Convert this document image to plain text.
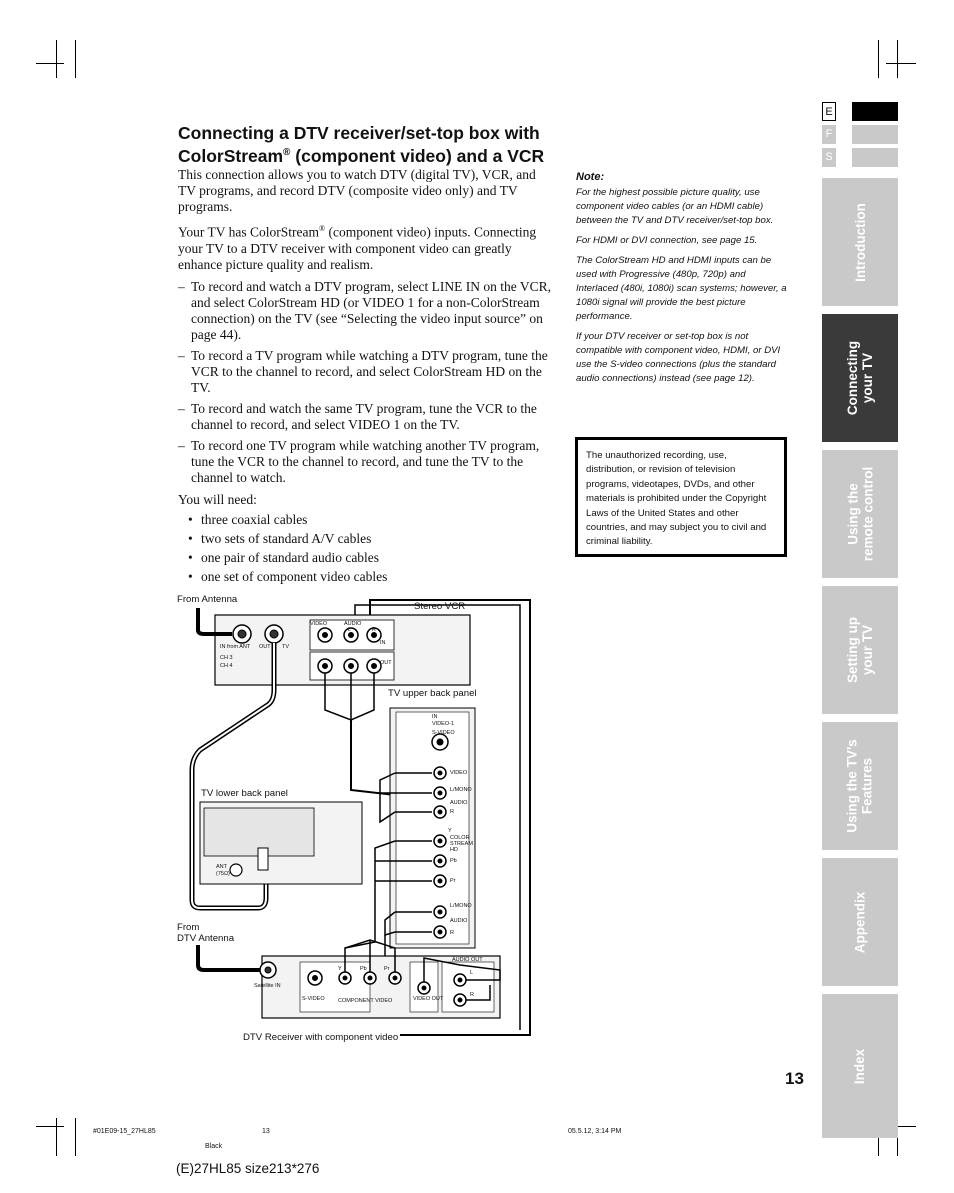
Connecting a DTV receiver/set-top box with
ColorStream® (component video) and a VCR

This connection allows you to watch DTV (digital TV), VCR, and TV programs, and record DTV (composite video only) and TV programs.

Your TV has ColorStream® (component video) inputs. Connecting your TV to a DTV receiver with component video can greatly enhance picture quality and realism.

– To record and watch a DTV program, select LINE IN on the VCR, and select ColorStream HD (or VIDEO 1 for a non-ColorStream connection) on the TV (see “Selecting the video input source” on page 44).
– To record a TV program while watching a DTV program, tune the VCR to the channel to record, and select ColorStream HD on the TV.
– To record and watch the same TV program, tune the VCR to the channel to record, and select VIDEO 1 on the TV.
– To record one TV program while watching another TV program, tune the VCR to the channel to record, and tune the TV to the channel to watch.

You will need:

• three coaxial cables
• two sets of standard A/V cables
• one pair of standard audio cables
• one set of component video cables
Note:

For the highest possible picture quality, use component video cables (or an HDMI cable) between the TV and DTV receiver/set-top box.

For HDMI or DVI connection, see page 15.

The ColorStream HD and HDMI inputs can be used with Progressive (480p, 720p) and Interlaced (480i, 1080i) scan systems; however, a 1080i signal will provide the best picture performance.

If your DTV receiver or set-top box is not compatible with component video, HDMI, or DVI use the S-video connections (plus the standard audio connections) instead (see page 12).

The unauthorized recording, use, distribution, or revision of television programs, videotapes, DVDs, and other materials is prohibited under the Copyright Laws of the United States and other countries, and may subject you to civil and criminal liability.
E
F
S
Introduction
Connecting
your TV
Using the
remote control
Setting up
your TV
Using the TV’s
Features
Appendix
Index
13
From Antenna
Stereo VCR
TV upper back panel
TV lower back panel
From
DTV Antenna
DTV Receiver with component video
IN from ANT OUT TV
CH 3
CH 4
VIDEO	AUDIO
L	R
IN
OUT
IN
VIDEO-1
S-VIDEO
VIDEO
L/MONO
AUDIO
R
Y
COLOR
STREAM
HD
Pb
Pr
L/MONO
AUDIO
R
ANT
(75Ω)
Satellite IN
S-VIDEO COMPONENT VIDEO
Y	Pb	Pr
VIDEO OUT
AUDIO OUT
L
R
#01E09-15_27HL85	13	05.5.12, 3:14 PM
Black
(E)27HL85 size213*276
